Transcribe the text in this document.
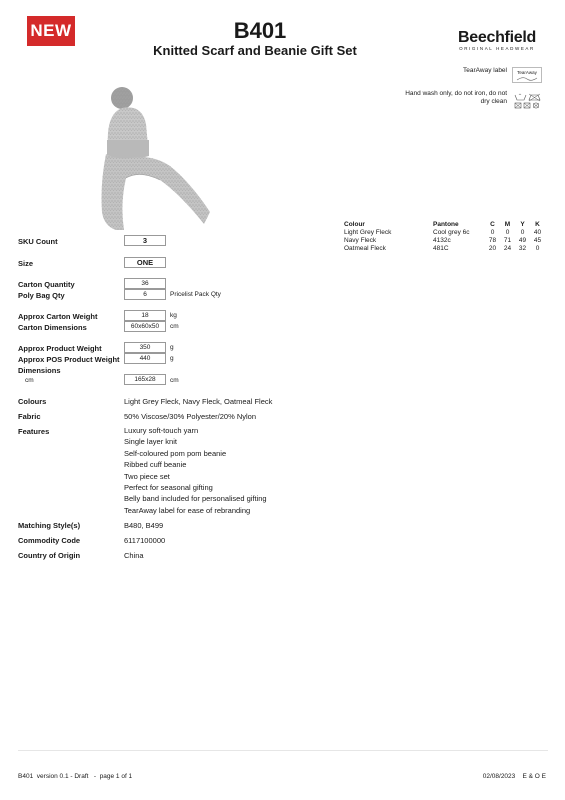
NEW	B401
Knitted Scarf and Beanie Gift Set
Beechfield
ORIGINAL HEADWEAR
TearAway label	TearAway
Hand wash only, do not iron, do not dry clean
Colour	Pantone	C	M	Y	K
Light Grey Fleck	Cool grey 6c	0	0	0	40
Navy Fleck	4132c	78	71	49	45
Oatmeal Fleck	481C	20	24	32	0
SKU Count	3
Size	ONE
Carton Quantity	36
Poly Bag Qty	6	Pricelist Pack Qty
Approx Carton Weight	18	kg
Carton Dimensions	60x60x50	cm
Approx Product Weight	350	g
Approx POS Product Weight	440	g
Dimensions
cm	165x28	cm
Colours	Light Grey Fleck, Navy Fleck, Oatmeal Fleck
Fabric	50% Viscose/30% Polyester/20% Nylon
Features	Luxury soft-touch yarn
Single layer knit
Self-coloured pom pom beanie
Ribbed cuff beanie
Two piece set
Perfect for seasonal gifting
Belly band included for personalised gifting
TearAway label for ease of rebranding
Matching Style(s)	B480, B499
Commodity Code	6117100000
Country of Origin	China
B401  version 0.1 - Draft   -  page 1 of 1	02/08/2023    E & O E
